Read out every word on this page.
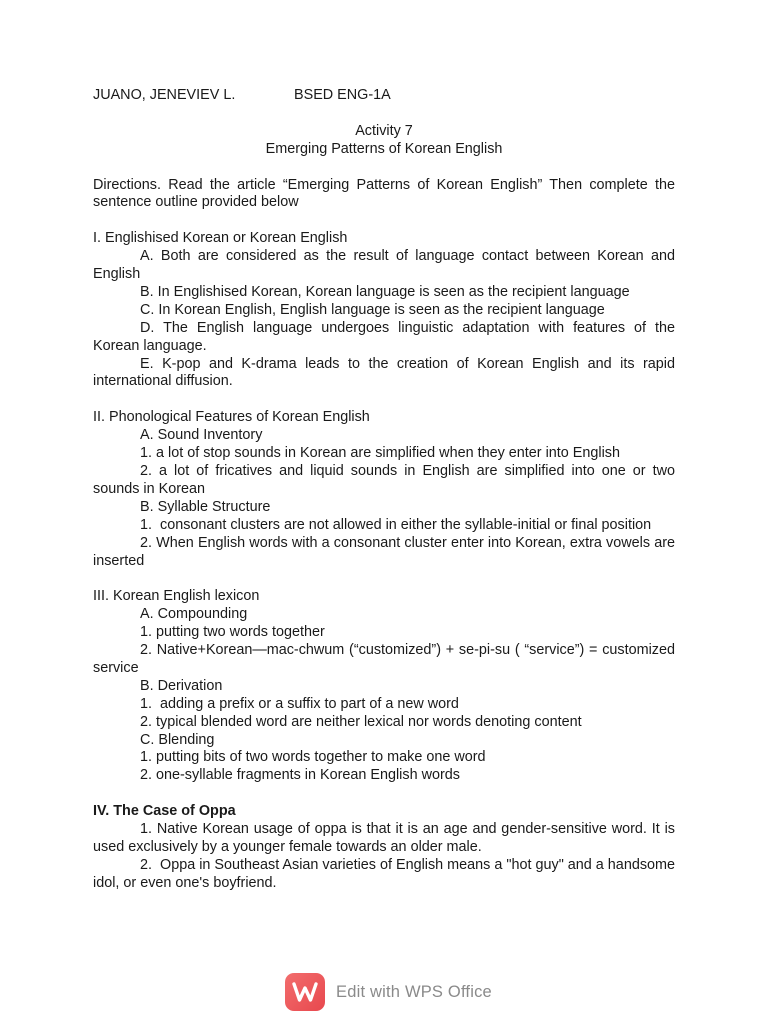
JUANO, JENEVIEV L.	BSED ENG-1A

Activity 7

Emerging Patterns of Korean English

Directions. Read the article “Emerging Patterns of Korean English” Then complete the sentence outline provided below

I. Englishised Korean or Korean English

A. Both are considered as the result of language contact between Korean and English

B. In Englishised Korean, Korean language is seen as the recipient language

C. In Korean English, English language is seen as the recipient language

D. The English language undergoes linguistic adaptation with features of the Korean language.

E. K-pop and K-drama leads to the creation of Korean English and its rapid international diffusion.

II. Phonological Features of Korean English

A. Sound Inventory

1. a lot of stop sounds in Korean are simplified when they enter into English

2. a lot of fricatives and liquid sounds in English are simplified into one or two sounds in Korean

B. Syllable Structure

1.  consonant clusters are not allowed in either the syllable-initial or final position

2. When English words with a consonant cluster enter into Korean, extra vowels are inserted

III. Korean English lexicon

A. Compounding

1. putting two words together

2. Native+Korean—mac-chwum (“customized”) + se-pi-su ( “service”) = customized service

B. Derivation

1.  adding a prefix or a suffix to part of a new word

2. typical blended word are neither lexical nor words denoting content

C. Blending

1. putting bits of two words together to make one word

2. one-syllable fragments in Korean English words

IV. The Case of Oppa

1. Native Korean usage of oppa is that it is an age and gender-sensitive word. It is used exclusively by a younger female towards an older male.

2.  Oppa in Southeast Asian varieties of English means a "hot guy" and a handsome idol, or even one's boyfriend.

Edit with WPS Office
